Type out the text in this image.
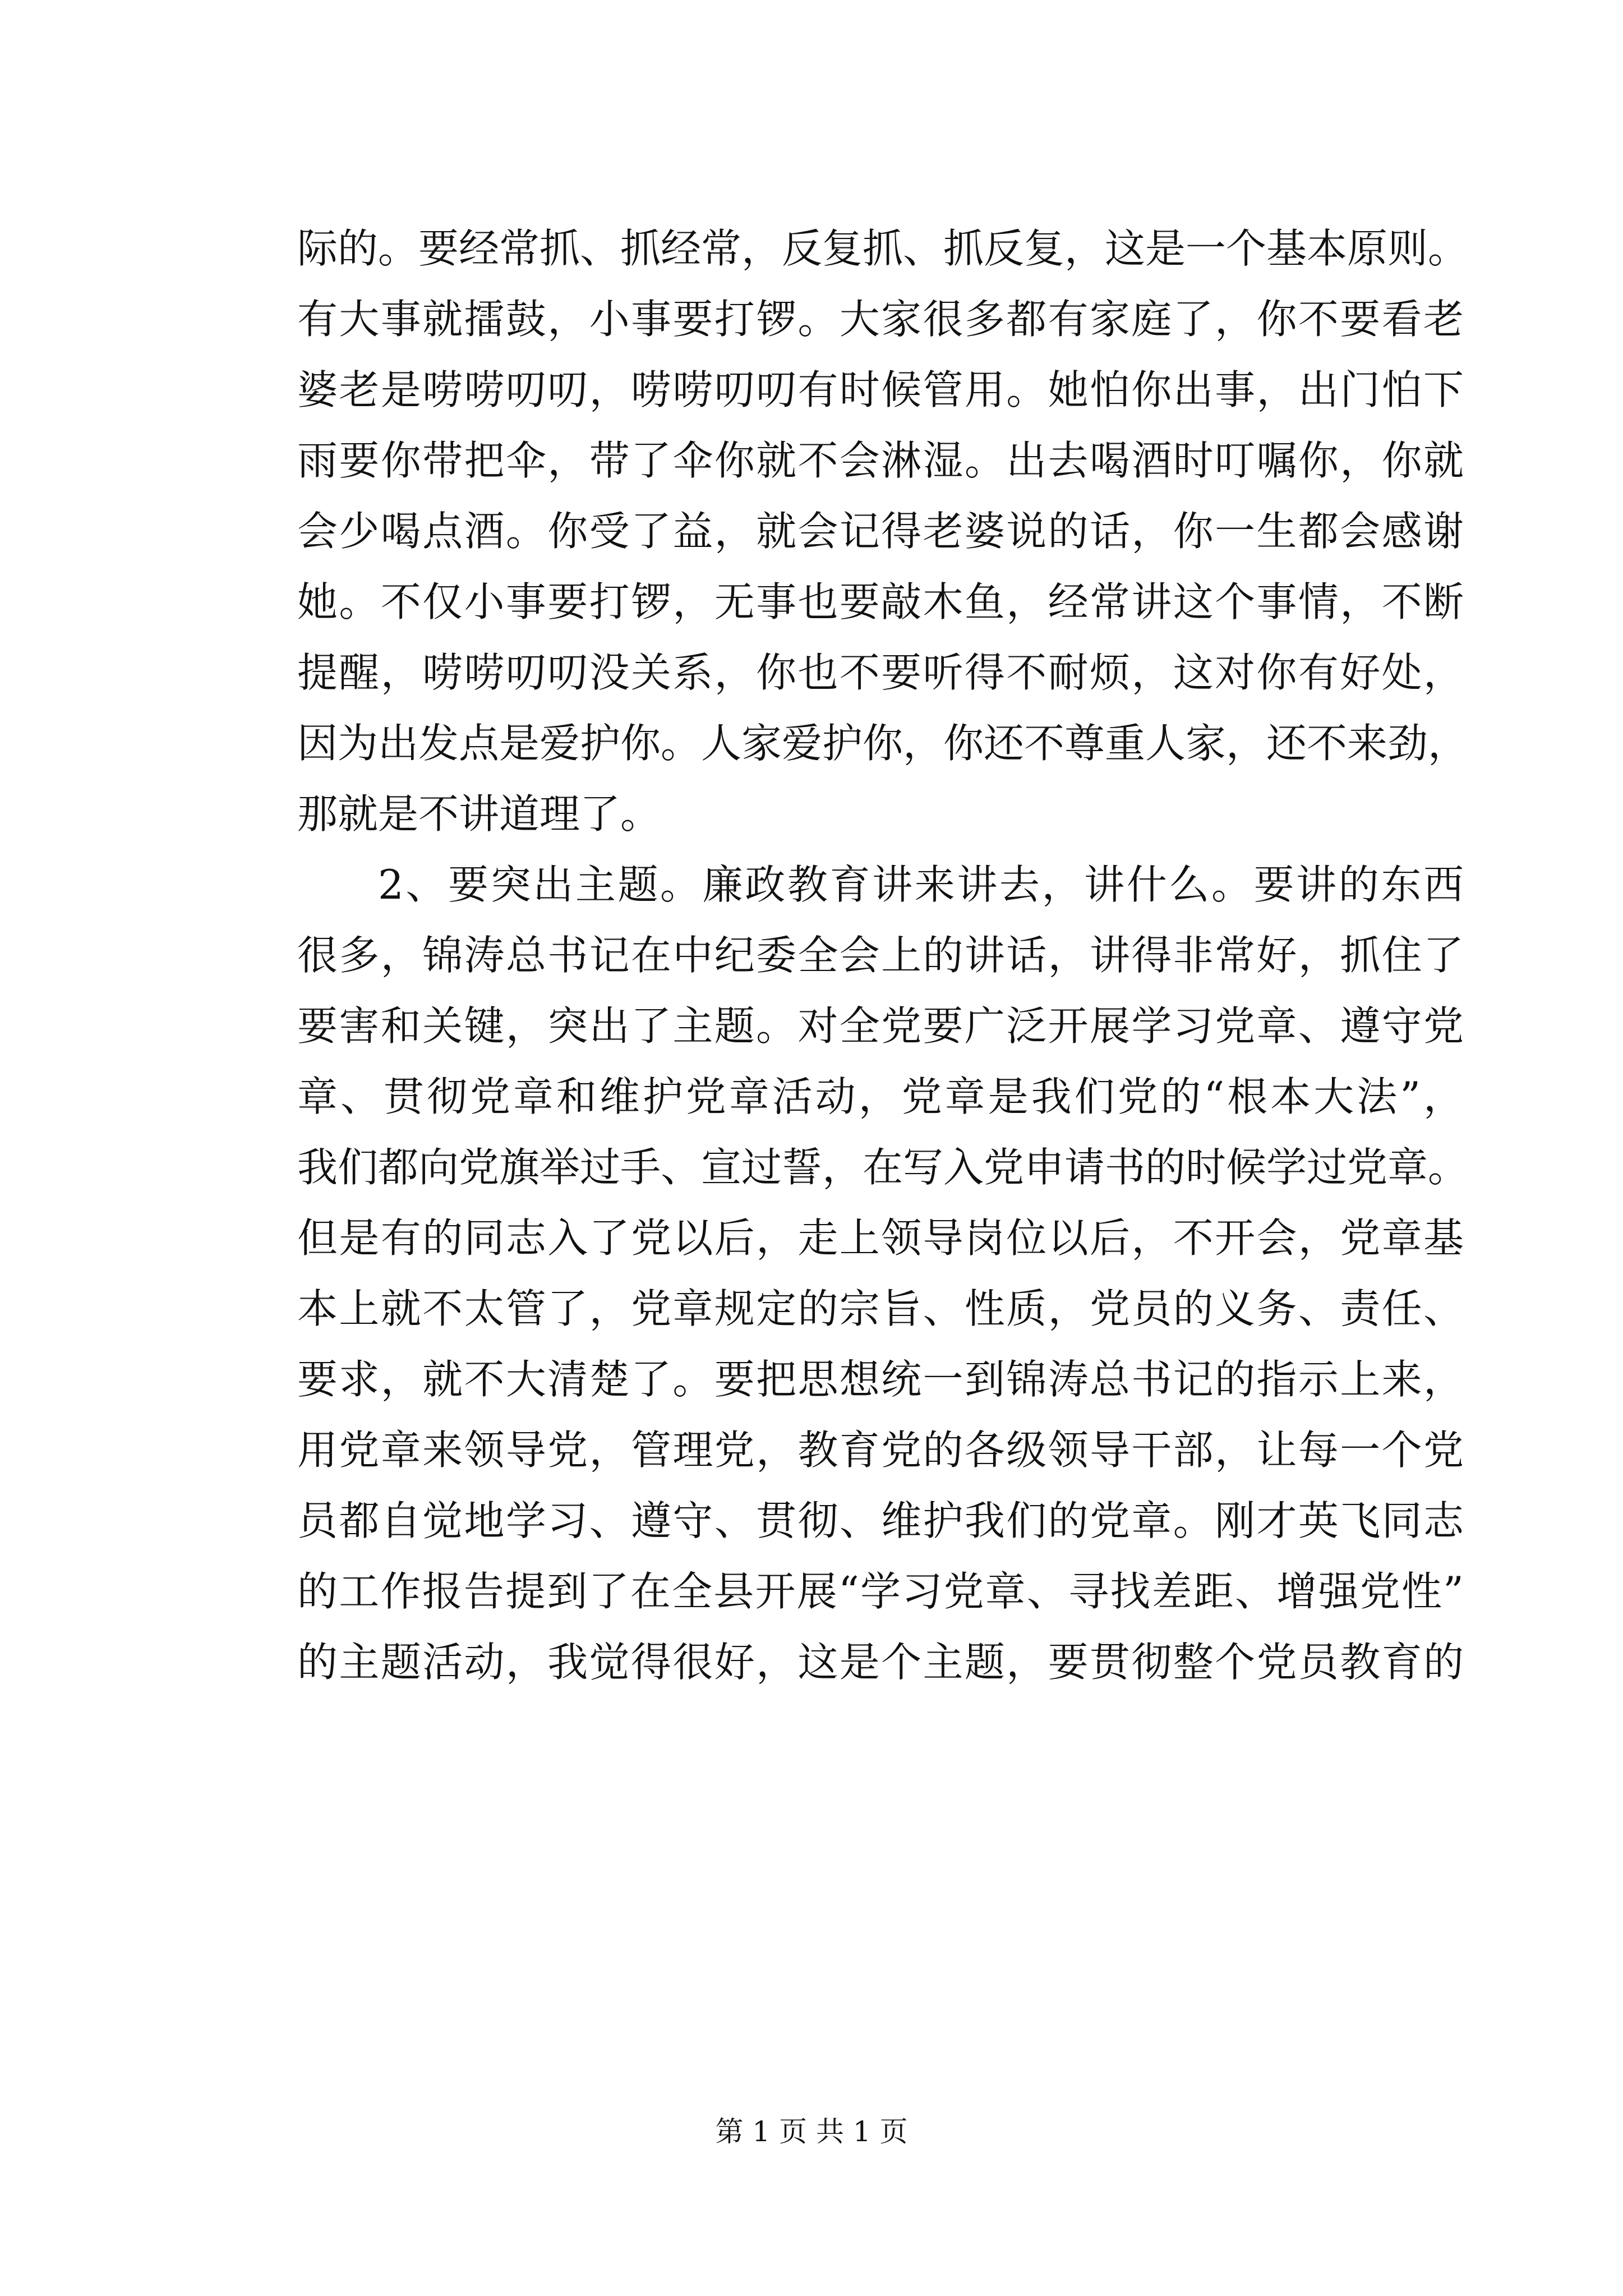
际的。要经常抓、抓经常，反复抓、抓反复，这是一个基本原则。
有大事就擂鼓，小事要打锣。大家很多都有家庭了，你不要看老
婆老是唠唠叨叨，唠唠叨叨有时候管用。她怕你出事，出门怕下
雨要你带把伞，带了伞你就不会淋湿。出去喝酒时叮嘱你，你就
会少喝点酒。你受了益，就会记得老婆说的话，你一生都会感谢
她。不仅小事要打锣，无事也要敲木鱼，经常讲这个事情，不断
提醒，唠唠叨叨没关系，你也不要听得不耐烦，这对你有好处，
因为出发点是爱护你。人家爱护你，你还不尊重人家，还不来劲，
那就是不讲道理了。
2、要突出主题。廉政教育讲来讲去，讲什么。要讲的东西
很多，锦涛总书记在中纪委全会上的讲话，讲得非常好，抓住了
要害和关键，突出了主题。对全党要广泛开展学习党章、遵守党
章、贯彻党章和维护党章活动，党章是我们党的“根本大法”，
我们都向党旗举过手、宣过誓，在写入党申请书的时候学过党章。
但是有的同志入了党以后，走上领导岗位以后，不开会，党章基
本上就不太管了，党章规定的宗旨、性质，党员的义务、责任、
要求，就不大清楚了。要把思想统一到锦涛总书记的指示上来，
用党章来领导党，管理党，教育党的各级领导干部，让每一个党
员都自觉地学习、遵守、贯彻、维护我们的党章。刚才英飞同志
的工作报告提到了在全县开展“学习党章、寻找差距、增强党性”
的主题活动，我觉得很好，这是个主题，要贯彻整个党员教育的
第 1 页 共 1 页
